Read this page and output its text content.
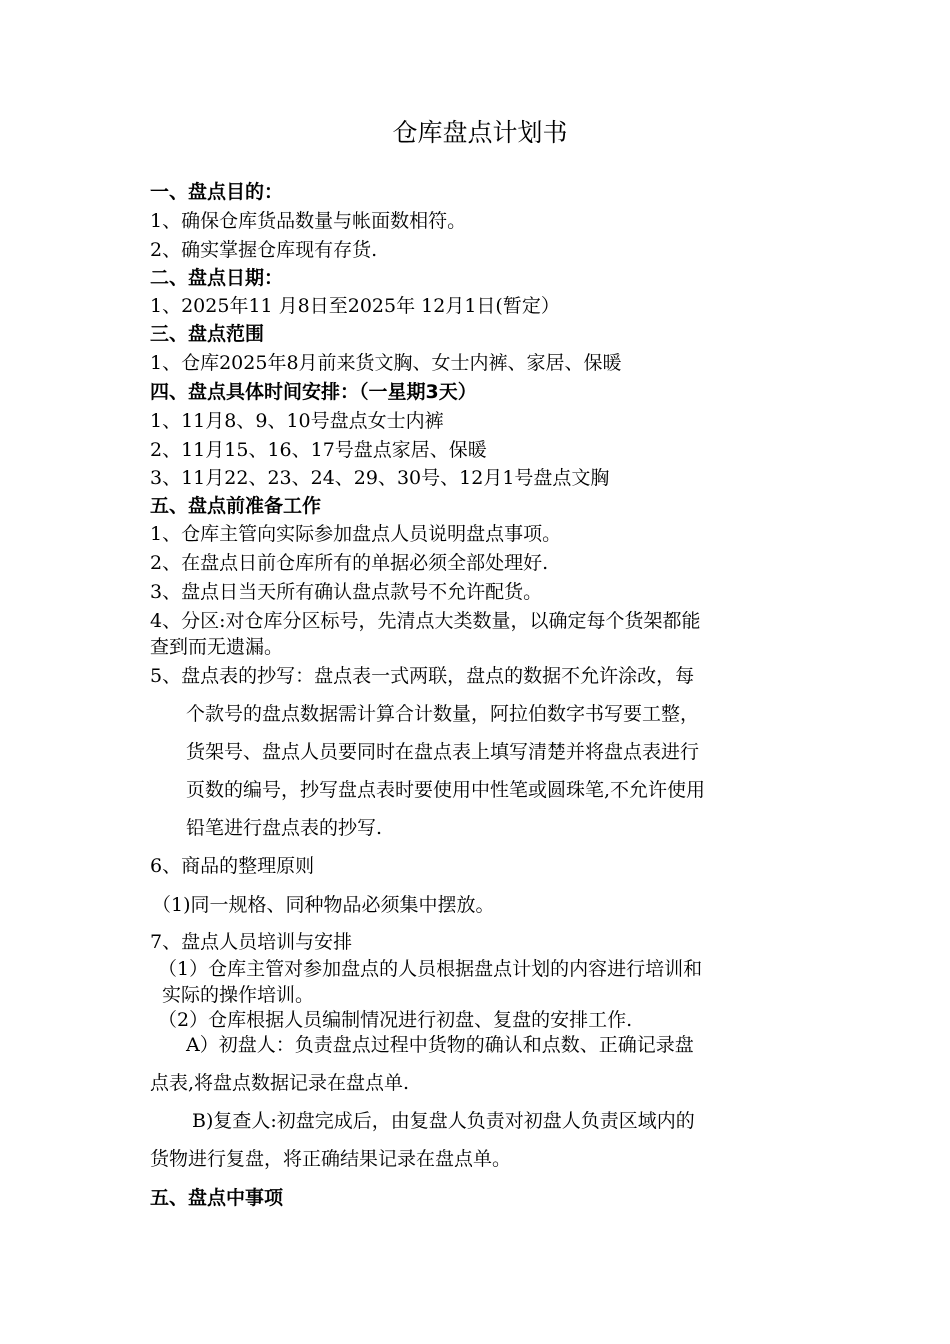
仓库盘点计划书
一、盘点目的：
1、确保仓库货品数量与帐面数相符。
2、确实掌握仓库现有存货.
二、盘点日期：
1、2025年11 月8日至2025年 12月1日(暂定）
三、盘点范围
1、仓库2025年8月前来货文胸、女士内裤、家居、保暖
四、盘点具体时间安排：（一星期3天）
1、11月8、9、10号盘点女士内裤
2、11月15、16、17号盘点家居、保暖
3、11月22、23、24、29、30号、12月1号盘点文胸
五、盘点前准备工作
1、仓库主管向实际参加盘点人员说明盘点事项。
2、在盘点日前仓库所有的单据必须全部处理好.
3、盘点日当天所有确认盘点款号不允许配货。
4、分区:对仓库分区标号，先清点大类数量，以确定每个货架都能
查到而无遗漏。
5、盘点表的抄写：盘点表一式两联，盘点的数据不允许涂改，每
个款号的盘点数据需计算合计数量，阿拉伯数字书写要工整，
货架号、盘点人员要同时在盘点表上填写清楚并将盘点表进行
页数的编号，抄写盘点表时要使用中性笔或圆珠笔,不允许使用
铅笔进行盘点表的抄写.
6、商品的整理原则
（1)同一规格、同种物品必须集中摆放。
7、盘点人员培训与安排
（1）仓库主管对参加盘点的人员根据盘点计划的内容进行培训和
实际的操作培训。
（2）仓库根据人员编制情况进行初盘、复盘的安排工作.
A）初盘人：负责盘点过程中货物的确认和点数、正确记录盘
点表,将盘点数据记录在盘点单.
B)复查人:初盘完成后，由复盘人负责对初盘人负责区域内的
货物进行复盘，将正确结果记录在盘点单。
五、盘点中事项
